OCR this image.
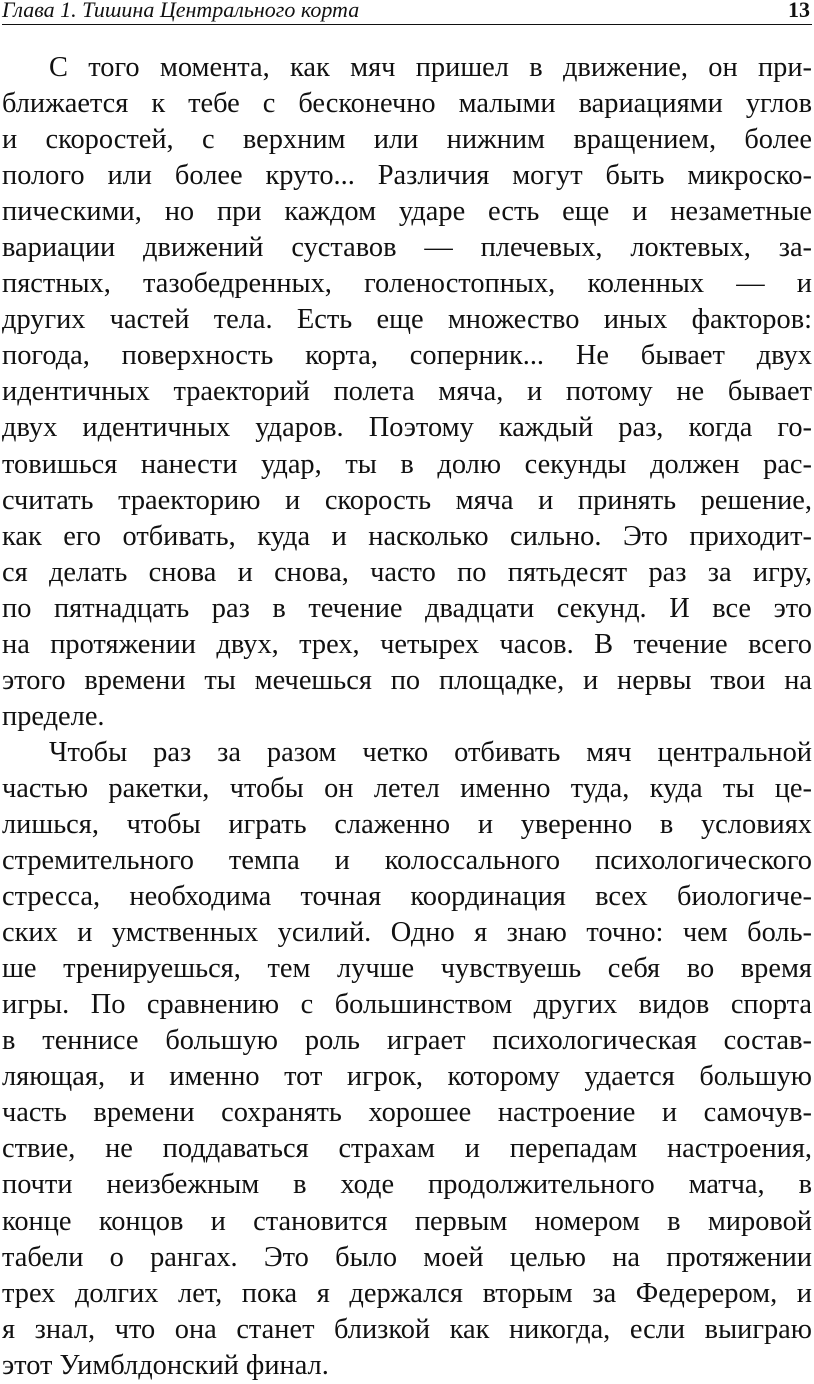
Глава 1. Тишина Центрального корта	13
С того момента, как мяч пришел в движение, он при-
ближается к тебе с бесконечно малыми вариациями углов
и скоростей, с верхним или нижним вращением, более
полого или более круто... Различия могут быть микроско-
пическими, но при каждом ударе есть еще и незаметные
вариации движений суставов — плечевых, локтевых, за-
пястных, тазобедренных, голеностопных, коленных — и
других частей тела. Есть еще множество иных факторов:
погода, поверхность корта, соперник... Не бывает двух
идентичных траекторий полета мяча, и потому не бывает
двух идентичных ударов. Поэтому каждый раз, когда го-
товишься нанести удар, ты в долю секунды должен рас-
считать траекторию и скорость мяча и принять решение,
как его отбивать, куда и насколько сильно. Это приходит-
ся делать снова и снова, часто по пятьдесят раз за игру,
по пятнадцать раз в течение двадцати секунд. И все это
на протяжении двух, трех, четырех часов. В течение всего
этого времени ты мечешься по площадке, и нервы твои на
пределе.
Чтобы раз за разом четко отбивать мяч центральной
частью ракетки, чтобы он летел именно туда, куда ты це-
лишься, чтобы играть слаженно и уверенно в условиях
стремительного темпа и колоссального психологического
стресса, необходима точная координация всех биологиче-
ских и умственных усилий. Одно я знаю точно: чем боль-
ше тренируешься, тем лучше чувствуешь себя во время
игры. По сравнению с большинством других видов спорта
в теннисе большую роль играет психологическая состав-
ляющая, и именно тот игрок, которому удается большую
часть времени сохранять хорошее настроение и самочув-
ствие, не поддаваться страхам и перепадам настроения,
почти неизбежным в ходе продолжительного матча, в
конце концов и становится первым номером в мировой
табели о рангах. Это было моей целью на протяжении
трех долгих лет, пока я держался вторым за Федерером, и
я знал, что она станет близкой как никогда, если выиграю
этот Уимблдонский финал.
